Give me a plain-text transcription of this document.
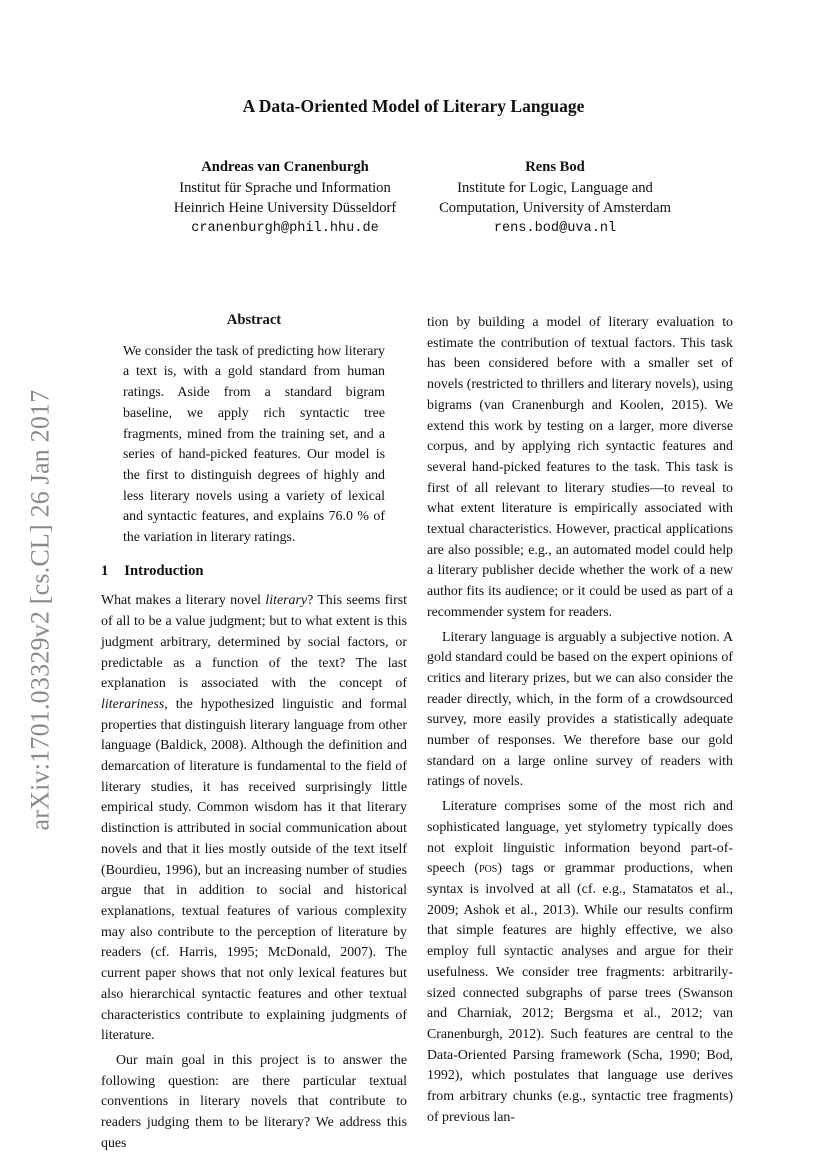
arXiv:1701.03329v2 [cs.CL] 26 Jan 2017
A Data-Oriented Model of Literary Language
Andreas van Cranenburgh
Institut für Sprache und Information
Heinrich Heine University Düsseldorf
cranenburgh@phil.hhu.de
Rens Bod
Institute for Logic, Language and
Computation, University of Amsterdam
rens.bod@uva.nl
Abstract

We consider the task of predicting how literary a text is, with a gold standard from human ratings. Aside from a standard bigram baseline, we apply rich syntactic tree fragments, mined from the training set, and a series of hand-picked features. Our model is the first to distinguish degrees of highly and less literary novels using a variety of lexical and syntactic features, and explains 76.0 % of the variation in literary ratings.

1 Introduction

What makes a literary novel literary? This seems first of all to be a value judgment; but to what extent is this judgment arbitrary, determined by social factors, or predictable as a function of the text? The last explanation is associated with the concept of literariness, the hypothesized linguistic and formal properties that distinguish literary language from other language (Baldick, 2008). Although the definition and demarcation of literature is fundamental to the field of literary studies, it has received surprisingly little empirical study. Common wisdom has it that literary distinction is attributed in social communication about novels and that it lies mostly outside of the text itself (Bourdieu, 1996), but an increasing number of studies argue that in addition to social and historical explanations, textual features of various complexity may also contribute to the perception of literature by readers (cf. Harris, 1995; McDonald, 2007). The current paper shows that not only lexical features but also hierarchical syntactic features and other textual characteristics contribute to explaining judgments of literature.

Our main goal in this project is to answer the following question: are there particular textual conventions in literary novels that contribute to readers judging them to be literary? We address this ques

tion by building a model of literary evaluation to estimate the contribution of textual factors. This task has been considered before with a smaller set of novels (restricted to thrillers and literary novels), using bigrams (van Cranenburgh and Koolen, 2015). We extend this work by testing on a larger, more diverse corpus, and by applying rich syntactic features and several hand-picked features to the task. This task is first of all relevant to literary studies—to reveal to what extent literature is empirically associated with textual characteristics. However, practical applications are also possible; e.g., an automated model could help a literary publisher decide whether the work of a new author fits its audience; or it could be used as part of a recommender system for readers.

Literary language is arguably a subjective notion. A gold standard could be based on the expert opinions of critics and literary prizes, but we can also consider the reader directly, which, in the form of a crowdsourced survey, more easily provides a statistically adequate number of responses. We therefore base our gold standard on a large online survey of readers with ratings of novels.

Literature comprises some of the most rich and sophisticated language, yet stylometry typically does not exploit linguistic information beyond part-of-speech (pos) tags or grammar productions, when syntax is involved at all (cf. e.g., Stamatatos et al., 2009; Ashok et al., 2013). While our results confirm that simple features are highly effective, we also employ full syntactic analyses and argue for their usefulness. We consider tree fragments: arbitrarily-sized connected subgraphs of parse trees (Swanson and Charniak, 2012; Bergsma et al., 2012; van Cranenburgh, 2012). Such features are central to the Data-Oriented Parsing framework (Scha, 1990; Bod, 1992), which postulates that language use derives from arbitrary chunks (e.g., syntactic tree fragments) of previous lan-
